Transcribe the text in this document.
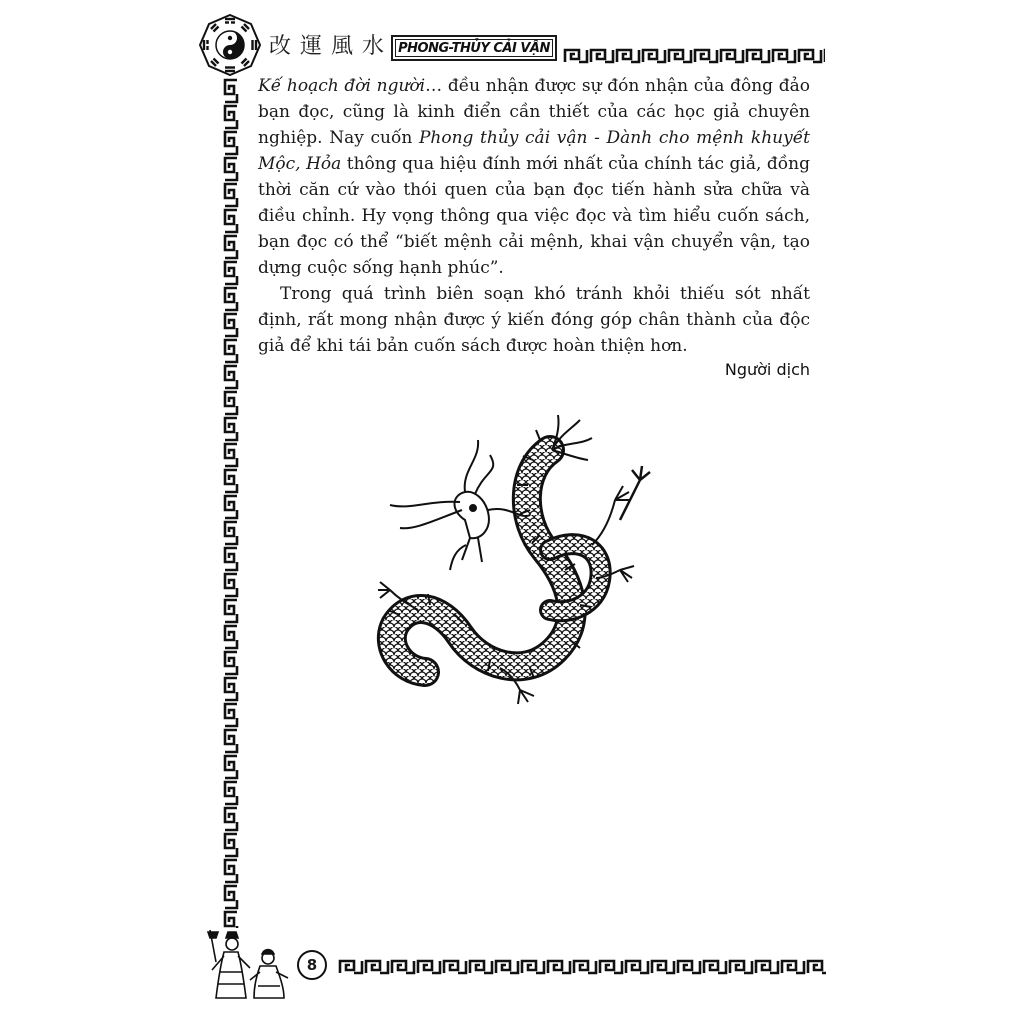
改 運 風 水	PHONG-THỦY CẢI VẬN

Kế hoạch đời người… đều nhận được sự đón nhận của đông đảo bạn đọc, cũng là kinh điển cần thiết của các học giả chuyên nghiệp. Nay cuốn Phong thủy cải vận - Dành cho mệnh khuyết Mộc, Hỏa thông qua hiệu đính mới nhất của chính tác giả, đồng thời căn cứ vào thói quen của bạn đọc tiến hành sửa chữa và điều chỉnh. Hy vọng thông qua việc đọc và tìm hiểu cuốn sách, bạn đọc có thể “biết mệnh cải mệnh, khai vận chuyển vận, tạo dựng cuộc sống hạnh phúc”.

Trong quá trình biên soạn khó tránh khỏi thiếu sót nhất định, rất mong nhận được ý kiến đóng góp chân thành của độc giả để khi tái bản cuốn sách được hoàn thiện hơn.

Người dịch
8
